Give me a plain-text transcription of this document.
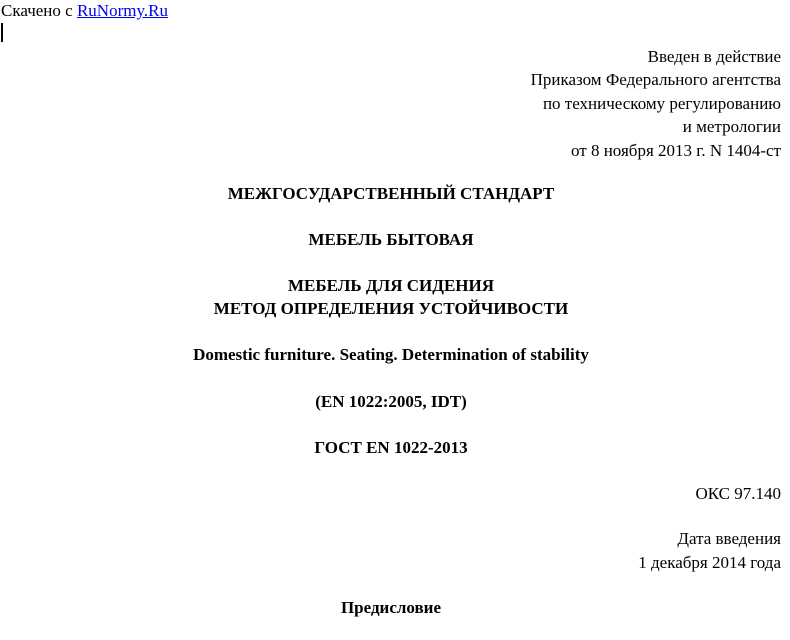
Скачено с RuNormy.Ru
Введен в действие
Приказом Федерального агентства
по техническому регулированию
и метрологии
от 8 ноября 2013 г. N 1404-ст
МЕЖГОСУДАРСТВЕННЫЙ СТАНДАРТ
МЕБЕЛЬ БЫТОВАЯ
МЕБЕЛЬ ДЛЯ СИДЕНИЯ
МЕТОД ОПРЕДЕЛЕНИЯ УСТОЙЧИВОСТИ
Domestic furniture. Seating. Determination of stability
(EN 1022:2005, IDT)
ГОСТ EN 1022-2013
ОКС 97.140
Дата введения
1 декабря 2014 года
Предисловие
